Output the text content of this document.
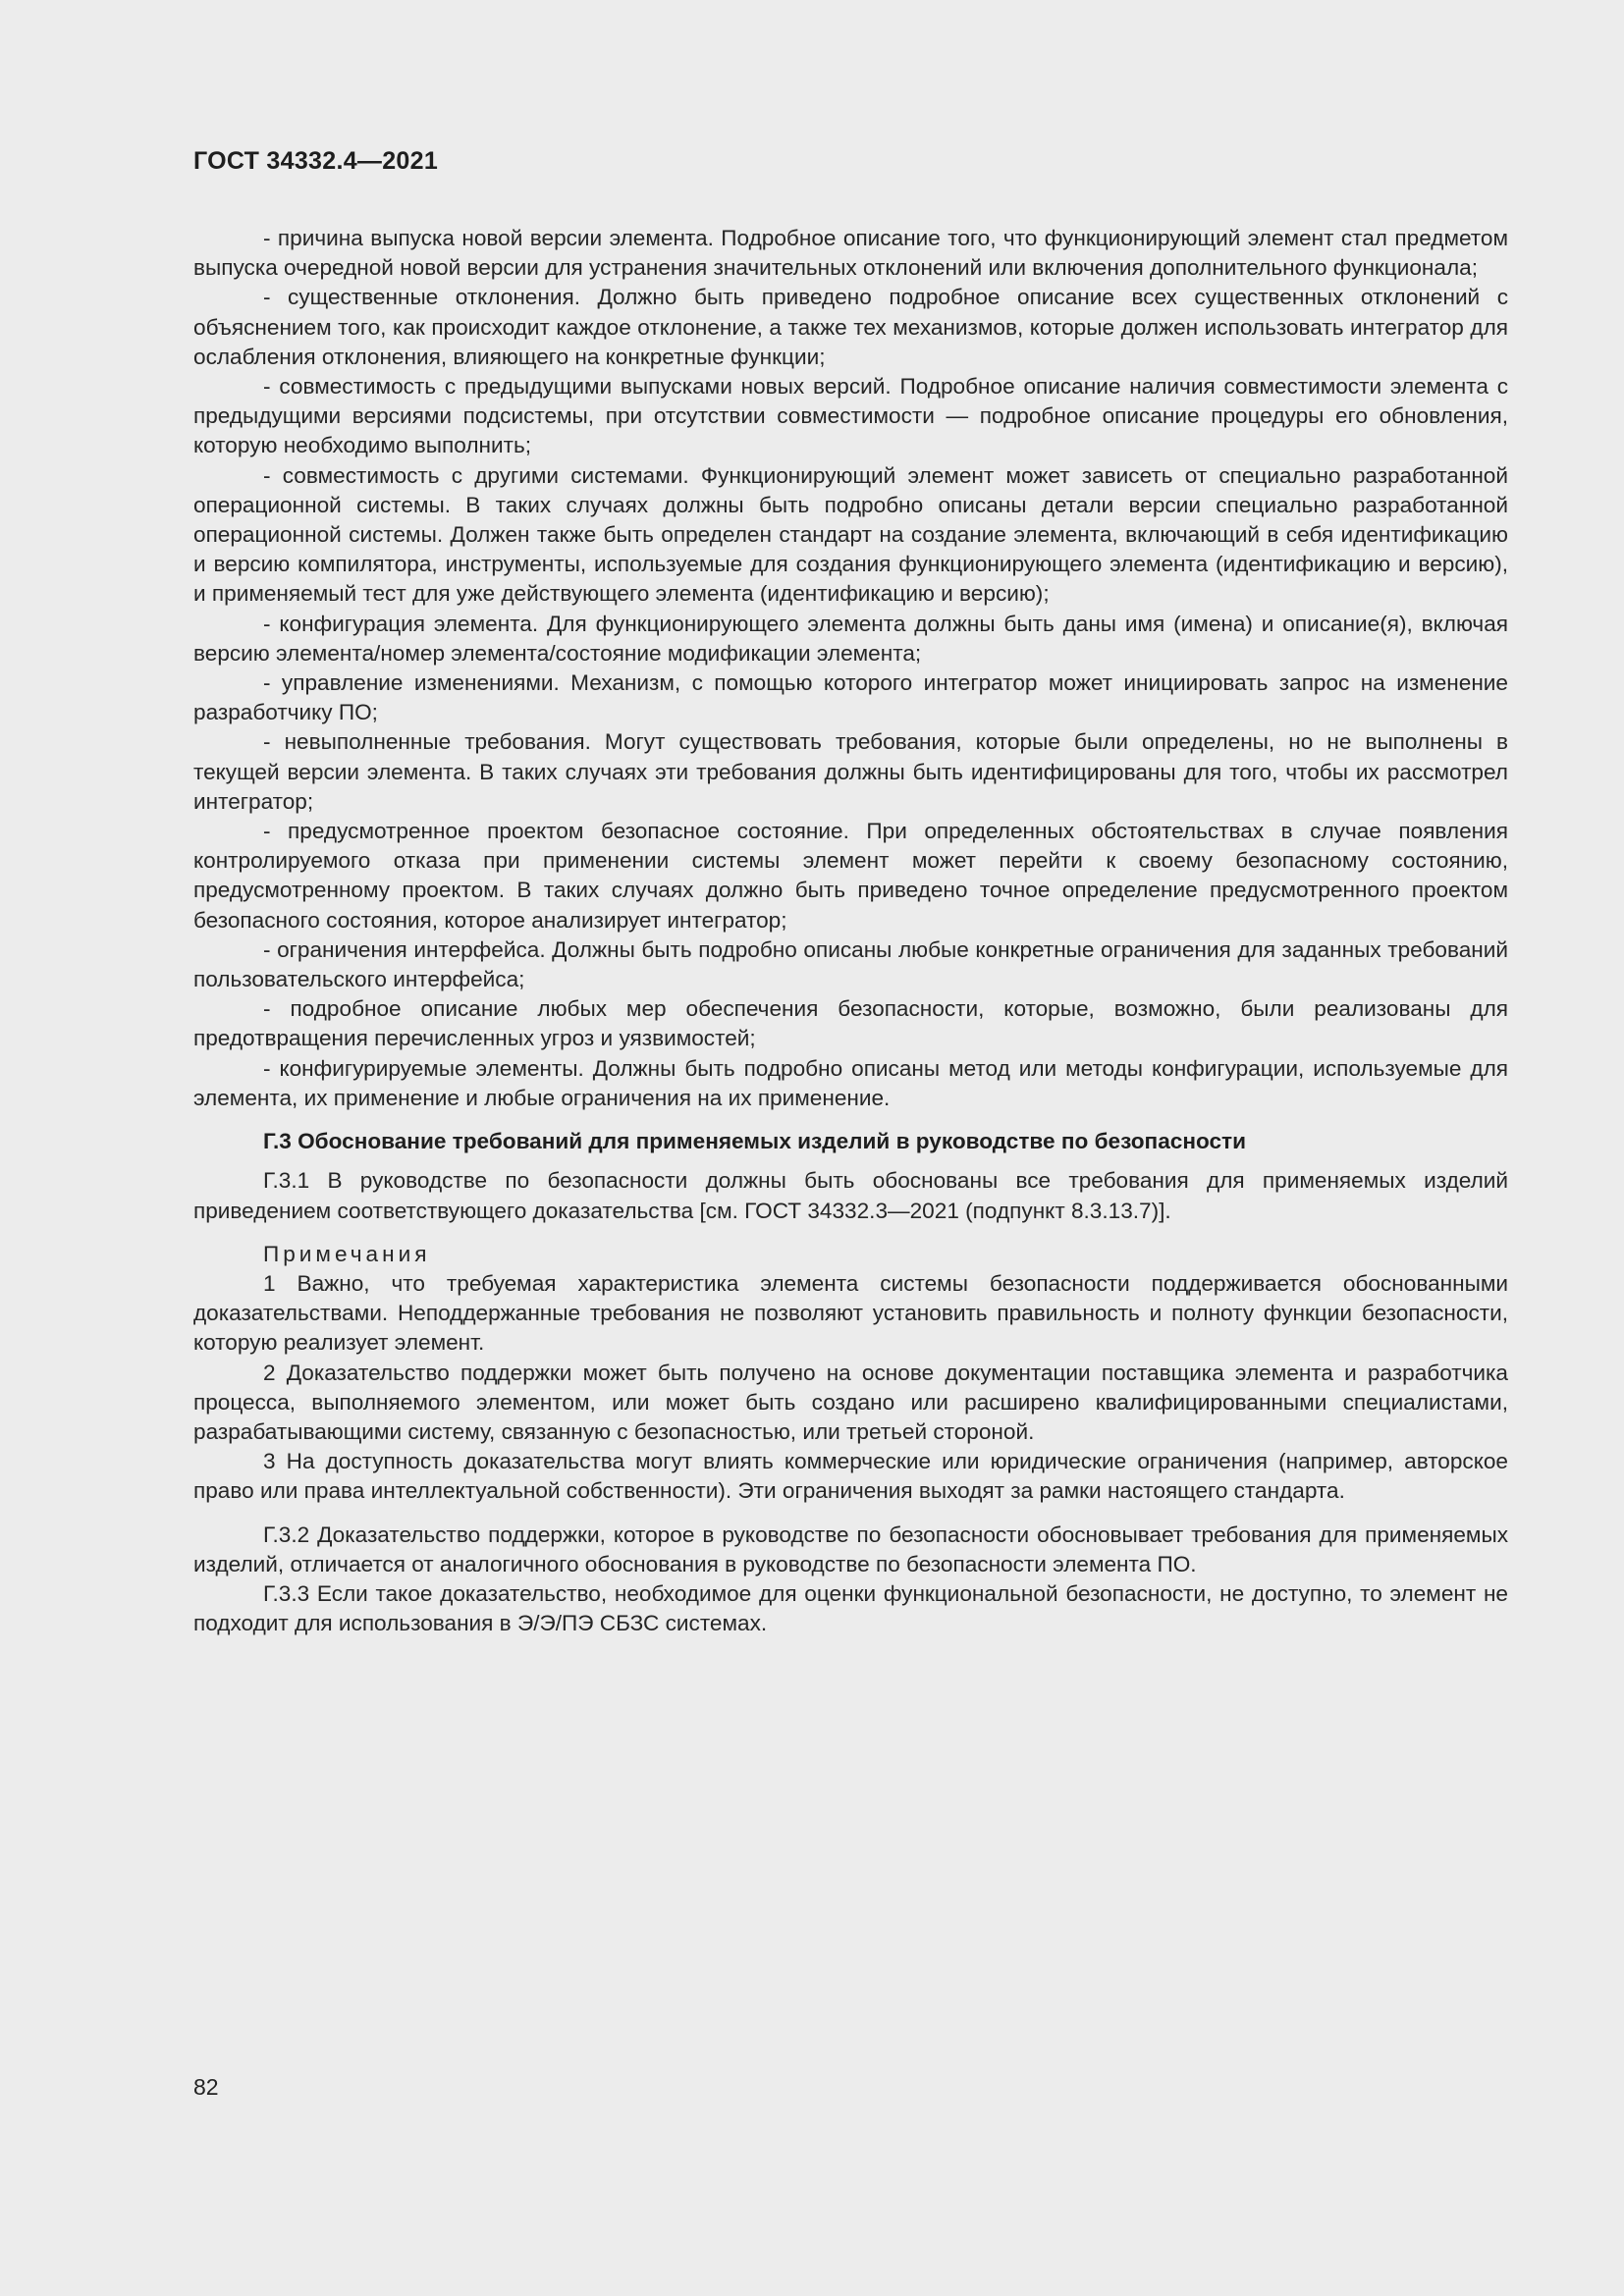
ГОСТ 34332.4—2021

- причина выпуска новой версии элемента. Подробное описание того, что функционирующий элемент стал предметом выпуска очередной новой версии для устранения значительных отклонений или включения дополнительного функционала;

- существенные отклонения. Должно быть приведено подробное описание всех существенных отклонений с объяснением того, как происходит каждое отклонение, а также тех механизмов, которые должен использовать интегратор для ослабления отклонения, влияющего на конкретные функции;

- совместимость с предыдущими выпусками новых версий. Подробное описание наличия совместимости элемента с предыдущими версиями подсистемы, при отсутствии совместимости — подробное описание процедуры его обновления, которую необходимо выполнить;

- совместимость с другими системами. Функционирующий элемент может зависеть от специально разработанной операционной системы. В таких случаях должны быть подробно описаны детали версии специально разработанной операционной системы. Должен также быть определен стандарт на создание элемента, включающий в себя идентификацию и версию компилятора, инструменты, используемые для создания функционирующего элемента (идентификацию и версию), и применяемый тест для уже действующего элемента (идентификацию и версию);

- конфигурация элемента. Для функционирующего элемента должны быть даны имя (имена) и описание(я), включая версию элемента/номер элемента/состояние модификации элемента;

- управление изменениями. Механизм, с помощью которого интегратор может инициировать запрос на изменение разработчику ПО;

- невыполненные требования. Могут существовать требования, которые были определены, но не выполнены в текущей версии элемента. В таких случаях эти требования должны быть идентифицированы для того, чтобы их рассмотрел интегратор;

- предусмотренное проектом безопасное состояние. При определенных обстоятельствах в случае появления контролируемого отказа при применении системы элемент может перейти к своему безопасному состоянию, предусмотренному проектом. В таких случаях должно быть приведено точное определение предусмотренного проектом безопасного состояния, которое анализирует интегратор;

- ограничения интерфейса. Должны быть подробно описаны любые конкретные ограничения для заданных требований пользовательского интерфейса;

- подробное описание любых мер обеспечения безопасности, которые, возможно, были реализованы для предотвращения перечисленных угроз и уязвимостей;

- конфигурируемые элементы. Должны быть подробно описаны метод или методы конфигурации, используемые для элемента, их применение и любые ограничения на их применение.

Г.3 Обоснование требований для применяемых изделий в руководстве по безопасности

Г.3.1 В руководстве по безопасности должны быть обоснованы все требования для применяемых изделий приведением соответствующего доказательства [см. ГОСТ 34332.3—2021 (подпункт 8.3.13.7)].

Примечания

1 Важно, что требуемая характеристика элемента системы безопасности поддерживается обоснованными доказательствами. Неподдержанные требования не позволяют установить правильность и полноту функции безопасности, которую реализует элемент.

2 Доказательство поддержки может быть получено на основе документации поставщика элемента и разработчика процесса, выполняемого элементом, или может быть создано или расширено квалифицированными специалистами, разрабатывающими систему, связанную с безопасностью, или третьей стороной.

3 На доступность доказательства могут влиять коммерческие или юридические ограничения (например, авторское право или права интеллектуальной собственности). Эти ограничения выходят за рамки настоящего стандарта.

Г.3.2 Доказательство поддержки, которое в руководстве по безопасности обосновывает требования для применяемых изделий, отличается от аналогичного обоснования в руководстве по безопасности элемента ПО.

Г.3.3 Если такое доказательство, необходимое для оценки функциональной безопасности, не доступно, то элемент не подходит для использования в Э/Э/ПЭ СБЗС системах.

82
